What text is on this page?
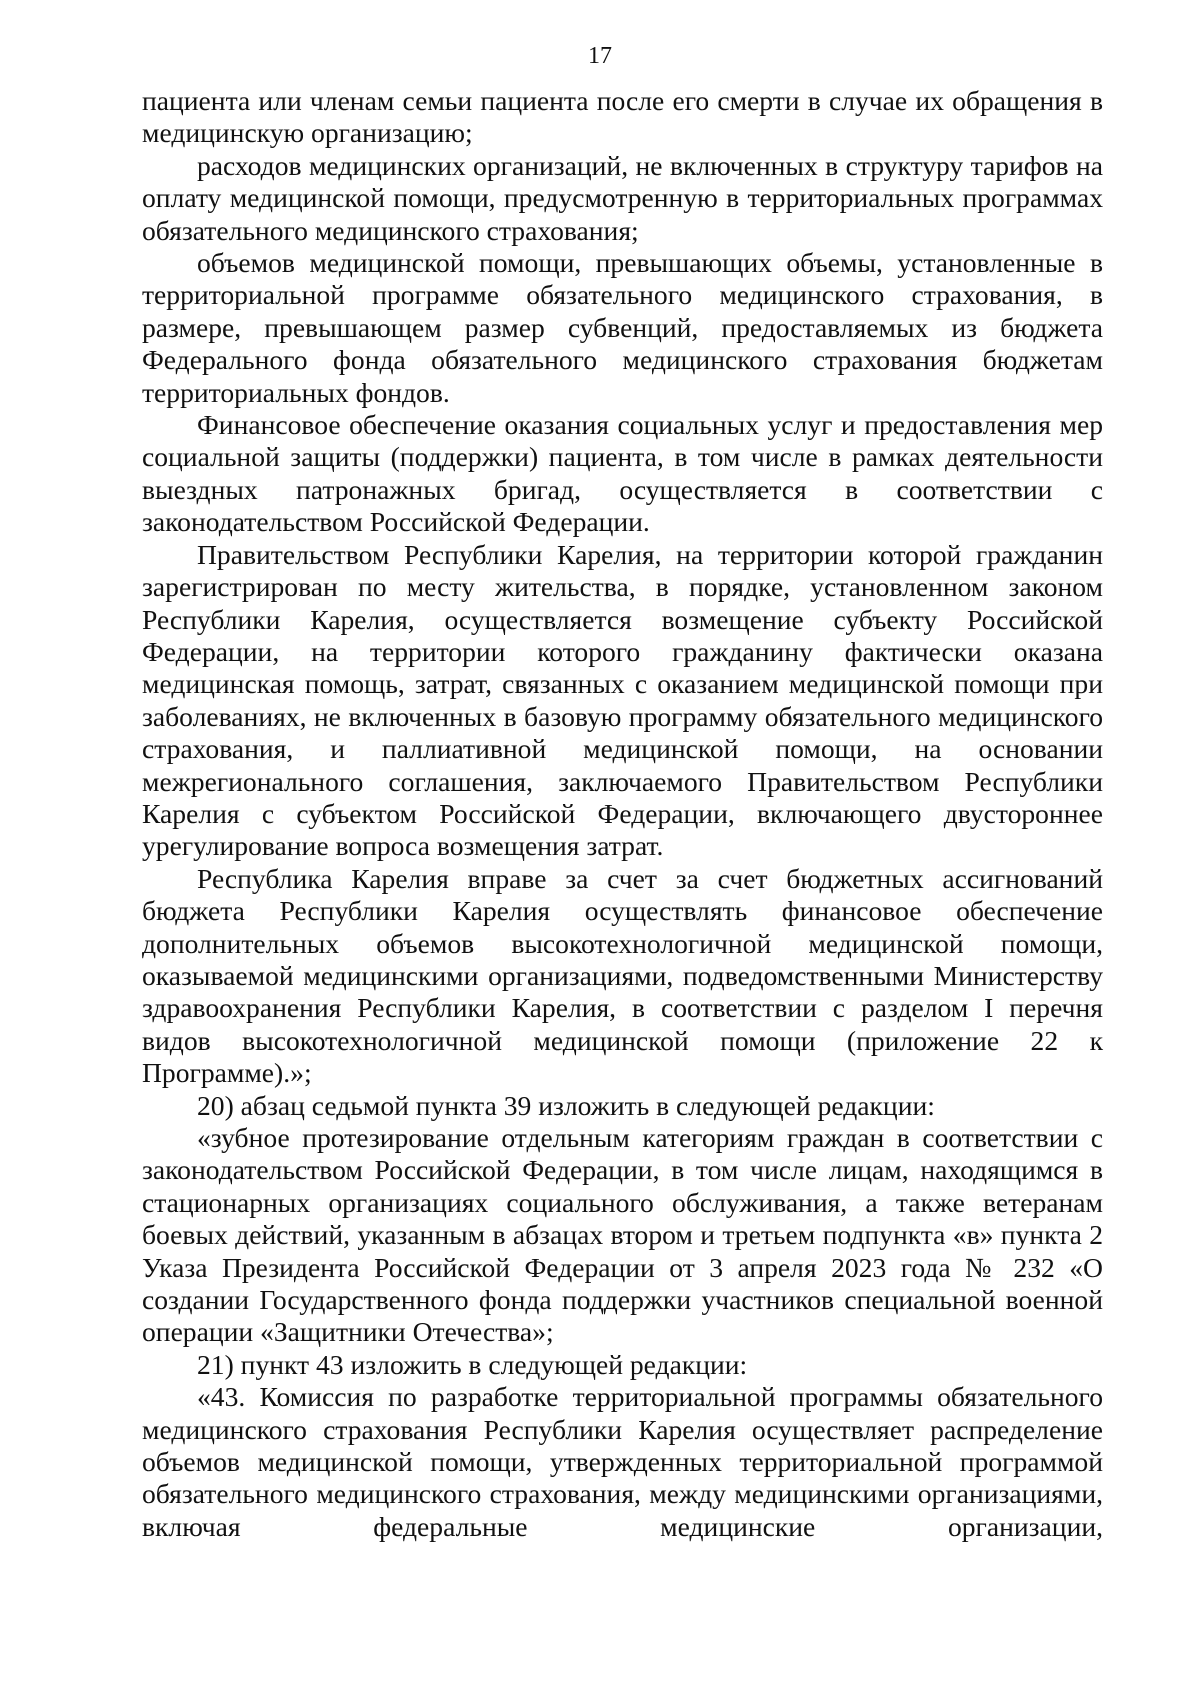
17

пациента или членам семьи пациента после его смерти в случае их обращения в медицинскую организацию;

расходов медицинских организаций, не включенных в структуру тарифов на оплату медицинской помощи, предусмотренную в территориальных программах обязательного медицинского страхования;

объемов медицинской помощи, превышающих объемы, установленные в территориальной программе обязательного медицинского страхования, в размере, превышающем размер субвенций, предоставляемых из бюджета Федерального фонда обязательного медицинского страхования бюджетам территориальных фондов.

Финансовое обеспечение оказания социальных услуг и предоставления мер социальной защиты (поддержки) пациента, в том числе в рамках деятельности выездных патронажных бригад, осуществляется в соответствии с законодательством Российской Федерации.

Правительством Республики Карелия, на территории которой гражданин зарегистрирован по месту жительства, в порядке, установленном законом Республики Карелия, осуществляется возмещение субъекту Российской Федерации, на территории которого гражданину фактически оказана медицинская помощь, затрат, связанных с оказанием медицинской помощи при заболеваниях, не включенных в базовую программу обязательного медицинского страхования, и паллиативной медицинской помощи, на основании межрегионального соглашения, заключаемого Правительством Республики Карелия с субъектом Российской Федерации, включающего двустороннее урегулирование вопроса возмещения затрат.

Республика Карелия вправе за счет за счет бюджетных ассигнований бюджета Республики Карелия осуществлять финансовое обеспечение дополнительных объемов высокотехнологичной медицинской помощи, оказываемой медицинскими организациями, подведомственными Министерству здравоохранения Республики Карелия, в соответствии с разделом I перечня видов высокотехнологичной медицинской помощи (приложение 22 к Программе).»;

20) абзац седьмой пункта 39 изложить в следующей редакции:

«зубное протезирование отдельным категориям граждан в соответствии с законодательством Российской Федерации, в том числе лицам, находящимся в стационарных организациях социального обслуживания, а также ветеранам боевых действий, указанным в абзацах втором и третьем подпункта «в» пункта 2 Указа Президента Российской Федерации от 3 апреля 2023 года № 232 «О создании Государственного фонда поддержки участников специальной военной операции «Защитники Отечества»;

21) пункт 43 изложить в следующей редакции:

«43. Комиссия по разработке территориальной программы обязательного медицинского страхования Республики Карелия осуществляет распределение объемов медицинской помощи, утвержденных территориальной программой обязательного медицинского страхования, между медицинскими организациями, включая федеральные медицинские организации,
